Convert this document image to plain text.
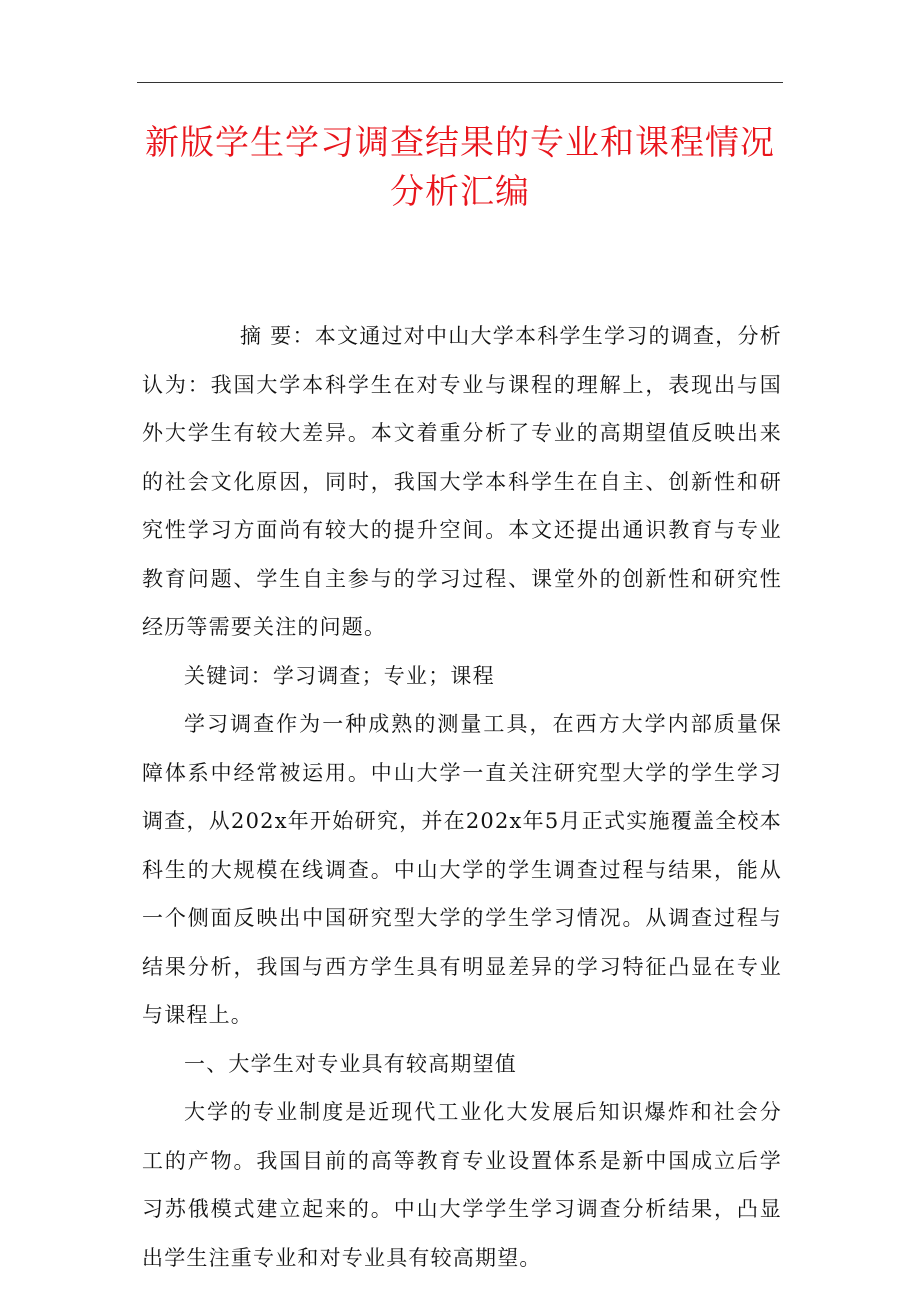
新版学生学习调查结果的专业和课程情况
分析汇编

摘 要：本文通过对中山大学本科学生学习的调查，分析认为：我国大学本科学生在对专业与课程的理解上，表现出与国外大学生有较大差异。本文着重分析了专业的高期望值反映出来的社会文化原因，同时，我国大学本科学生在自主、创新性和研究性学习方面尚有较大的提升空间。本文还提出通识教育与专业教育问题、学生自主参与的学习过程、课堂外的创新性和研究性经历等需要关注的问题。

关键词：学习调查；专业；课程

学习调查作为一种成熟的测量工具，在西方大学内部质量保障体系中经常被运用。中山大学一直关注研究型大学的学生学习调查，从202x年开始研究，并在202x年5月正式实施覆盖全校本科生的大规模在线调查。中山大学的学生调查过程与结果，能从一个侧面反映出中国研究型大学的学生学习情况。从调查过程与结果分析，我国与西方学生具有明显差异的学习特征凸显在专业与课程上。

一、大学生对专业具有较高期望值

大学的专业制度是近现代工业化大发展后知识爆炸和社会分工的产物。我国目前的高等教育专业设置体系是新中国成立后学习苏俄模式建立起来的。中山大学学生学习调查分析结果，凸显出学生注重专业和对专业具有较高期望。
